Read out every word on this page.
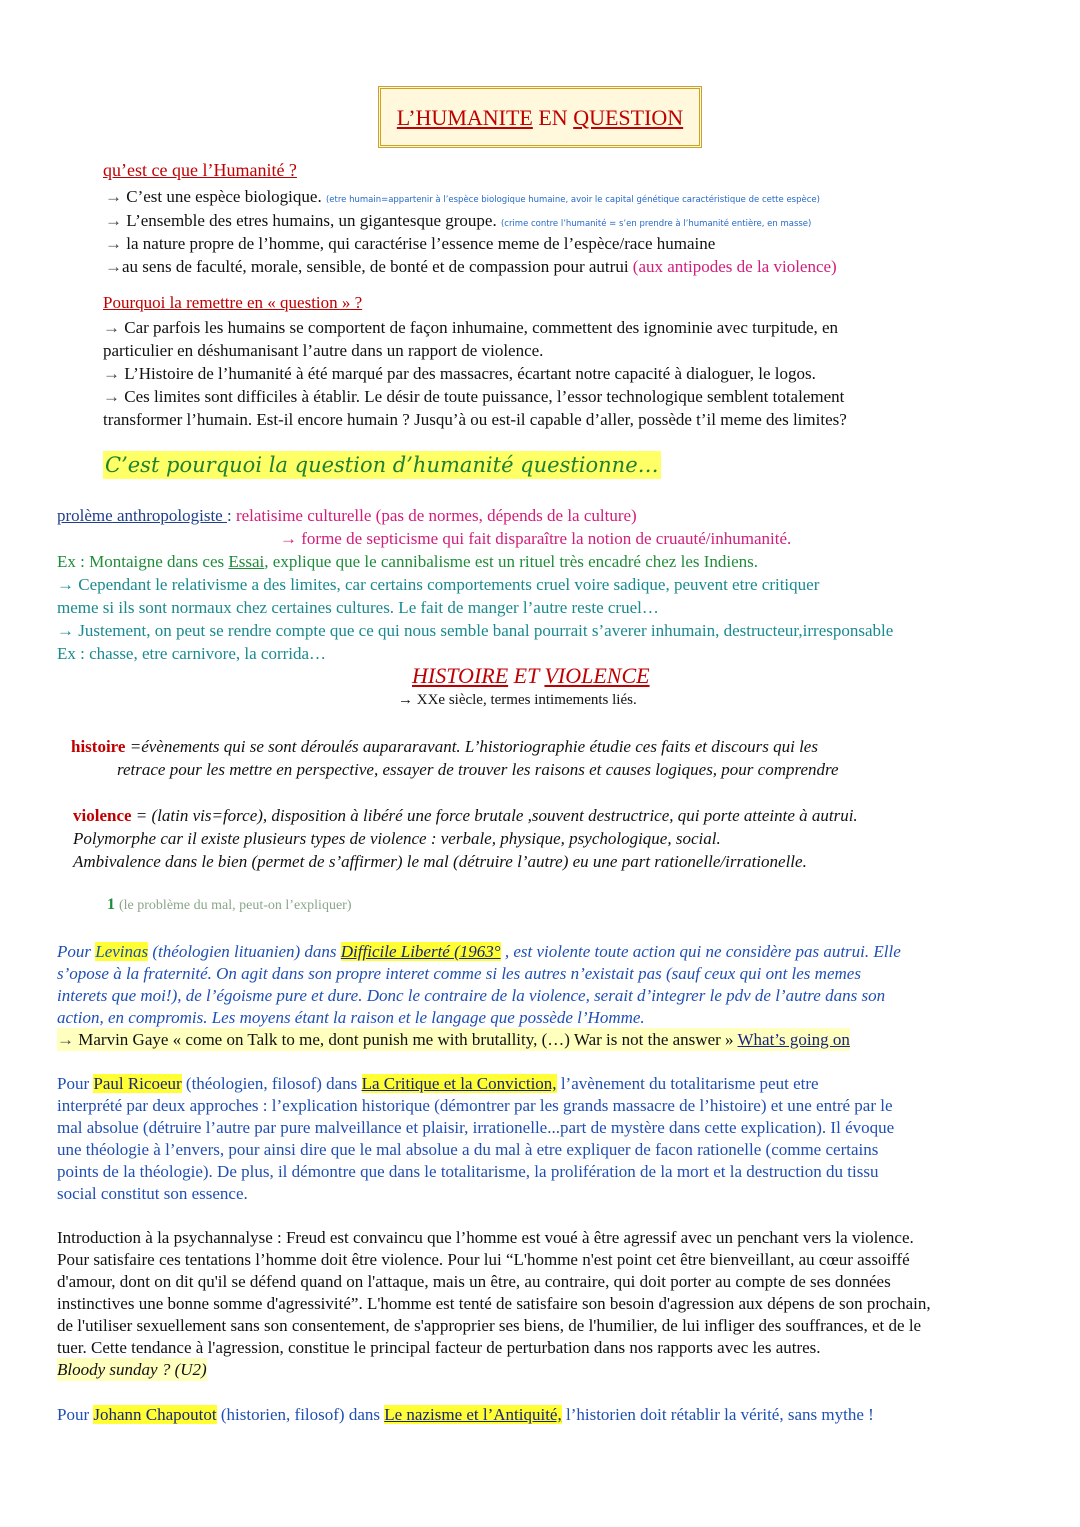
L’HUMANITE EN QUESTION
qu’est ce que l’Humanité ?
→ C’est une espèce biologique. (etre humain=appartenir à l’espèce biologique humaine, avoir le capital génétique caractéristique de cette espèce)
→ L’ensemble des etres humains, un gigantesque groupe. (crime contre l’humanité = s’en prendre à l’humanité entière, en masse)
→ la nature propre de l’homme, qui caractérise l’essence meme de l’espèce/race humaine
→au sens de faculté, morale, sensible, de bonté et de compassion pour autrui (aux antipodes de la violence)
Pourquoi la remettre en « question » ?
→ Car parfois les humains se comportent de façon inhumaine, commettent des ignominie avec turpitude, en
particulier en déshumanisant l’autre dans un rapport de violence.
→ L’Histoire de l’humanité à été marqué par des massacres, écartant notre capacité à dialoguer, le logos.
→ Ces limites sont difficiles à établir. Le désir de toute puissance, l’essor technologique semblent totalement
transformer l’humain. Est-il encore humain ? Jusqu’à ou est-il capable d’aller, possède t’il meme des limites?
C’est pourquoi la question d’humanité questionne…
prolème anthropologiste : relatisime culturelle (pas de normes, dépends de la culture)
→ forme de septicisme qui fait disparaître la notion de cruauté/inhumanité.
Ex : Montaigne dans ces Essai, explique que le cannibalisme est un rituel très encadré chez les Indiens.
→ Cependant le relativisme a des limites, car certains comportements cruel voire sadique, peuvent etre critiquer
meme si ils sont normaux chez certaines cultures. Le fait de manger l’autre reste cruel…
→ Justement, on peut se rendre compte que ce qui nous semble banal pourrait s’averer inhumain, destructeur,irresponsable
Ex : chasse, etre carnivore, la corrida…
HISTOIRE ET VIOLENCE
→ XXe siècle, termes intimements liés.
histoire =évènements qui se sont déroulés aupararavant. L’historiographie étudie ces faits et discours qui les
retrace pour les mettre en perspective, essayer de trouver les raisons et causes logiques, pour comprendre
violence = (latin vis=force), disposition à libéré une force brutale ,souvent destructrice, qui porte atteinte à autrui.
Polymorphe car il existe plusieurs types de violence : verbale, physique, psychologique, social.
Ambivalence dans le bien (permet de s’affirmer) le mal (détruire l’autre) eu une part rationelle/irrationelle.
1 (le problème du mal, peut-on l’expliquer)
Pour Levinas (théologien lituanien) dans Difficile Liberté (1963° , est violente toute action qui ne considère pas autrui. Elle
s’opose à la fraternité. On agit dans son propre interet comme si les autres n’existait pas (sauf ceux qui ont les memes
interets que moi!), de l’égoisme pure et dure. Donc le contraire de la violence, serait d’integrer le pdv de l’autre dans son
action, en compromis. Les moyens étant la raison et le langage que possède l’Homme.
→ Marvin Gaye « come on Talk to me, dont punish me with brutallity, (…) War is not the answer » What’s going on
Pour Paul Ricoeur (théologien, filosof) dans La Critique et la Conviction, l’avènement du totalitarisme peut etre
interprété par deux approches : l’explication historique (démontrer par les grands massacre de l’histoire) et une entré par le
mal absolue (détruire l’autre par pure malveillance et plaisir, irrationelle...part de mystère dans cette explication). Il évoque
une théologie à l’envers, pour ainsi dire que le mal absolue a du mal à etre expliquer de facon rationelle (comme certains
points de la théologie). De plus, il démontre que dans le totalitarisme, la prolifération de la mort et la destruction du tissu
social constitut son essence.
Introduction à la psychannalyse : Freud est convaincu que l’homme est voué à être agressif avec un penchant vers la violence.
Pour satisfaire ces tentations l’homme doit être violence. Pour lui “L'homme n'est point cet être bienveillant, au cœur assoiffé
d'amour, dont on dit qu'il se défend quand on l'attaque, mais un être, au contraire, qui doit porter au compte de ses données
instinctives une bonne somme d'agressivité”. L'homme est tenté de satisfaire son besoin d'agression aux dépens de son prochain,
de l'utiliser sexuellement sans son consentement, de s'approprier ses biens, de l'humilier, de lui infliger des souffrances, et de le
tuer. Cette tendance à l'agression, constitue le principal facteur de perturbation dans nos rapports avec les autres.
Bloody sunday ? (U2)
Pour Johann Chapoutot (historien, filosof) dans Le nazisme et l’Antiquité, l’historien doit rétablir la vérité, sans mythe !
